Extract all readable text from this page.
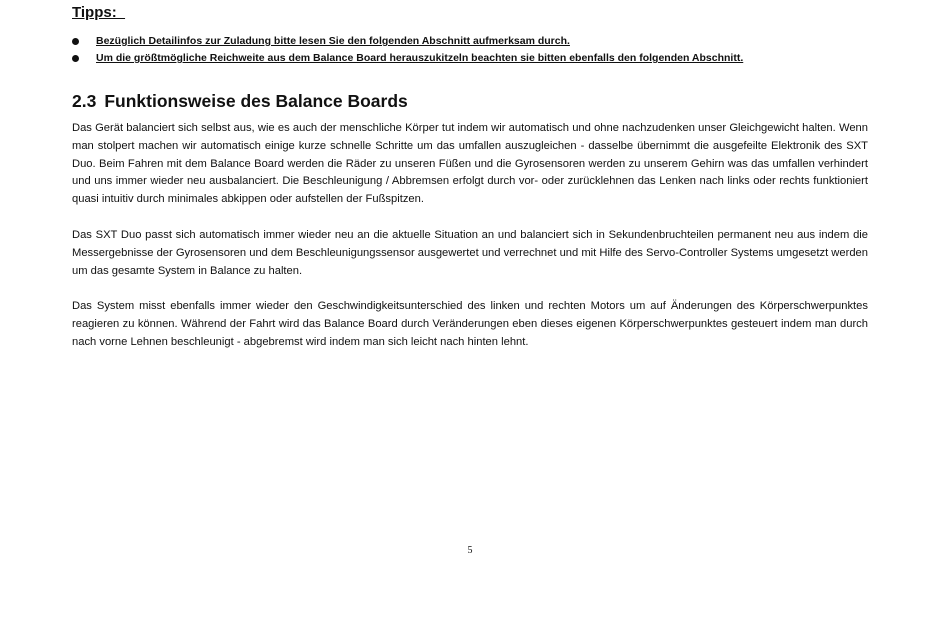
Tipps:
Bezüglich Detailinfos zur Zuladung bitte lesen Sie den folgenden Abschnitt aufmerksam durch.
Um die größtmögliche Reichweite aus dem Balance Board herauszukitzeln beachten sie bitten ebenfalls den folgenden Abschnitt.
2.3 Funktionsweise des Balance Boards

Das Gerät balanciert sich selbst aus, wie es auch der menschliche Körper tut indem wir automatisch und ohne nachzudenken unser Gleichgewicht halten. Wenn man stolpert machen wir automatisch einige kurze schnelle Schritte um das umfallen auszugleichen - dasselbe übernimmt die ausgefeilte Elektronik des SXT Duo. Beim Fahren mit dem Balance Board werden die Räder zu unseren Füßen und die Gyrosensoren werden zu unserem Gehirn was das umfallen verhindert und uns immer wieder neu ausbalanciert. Die Beschleunigung / Abbremsen erfolgt durch vor- oder zurücklehnen das Lenken nach links oder rechts funktioniert quasi intuitiv durch minimales abkippen oder aufstellen der Fußspitzen.

Das SXT Duo passt sich automatisch immer wieder neu an die aktuelle Situation an und balanciert sich in Sekundenbruchteilen permanent neu aus indem die Messergebnisse der Gyrosensoren und dem Beschleunigungssensor ausgewertet und verrechnet und mit Hilfe des Servo-Controller Systems umgesetzt werden um das gesamte System in Balance zu halten.

Das System misst ebenfalls immer wieder den Geschwindigkeitsunterschied des linken und rechten Motors um auf Änderungen des Körperschwerpunktes reagieren zu können. Während der Fahrt wird das Balance Board durch Veränderungen eben dieses eigenen Körperschwerpunktes gesteuert indem man durch nach vorne Lehnen beschleunigt - abgebremst wird indem man sich leicht nach hinten lehnt.

5
